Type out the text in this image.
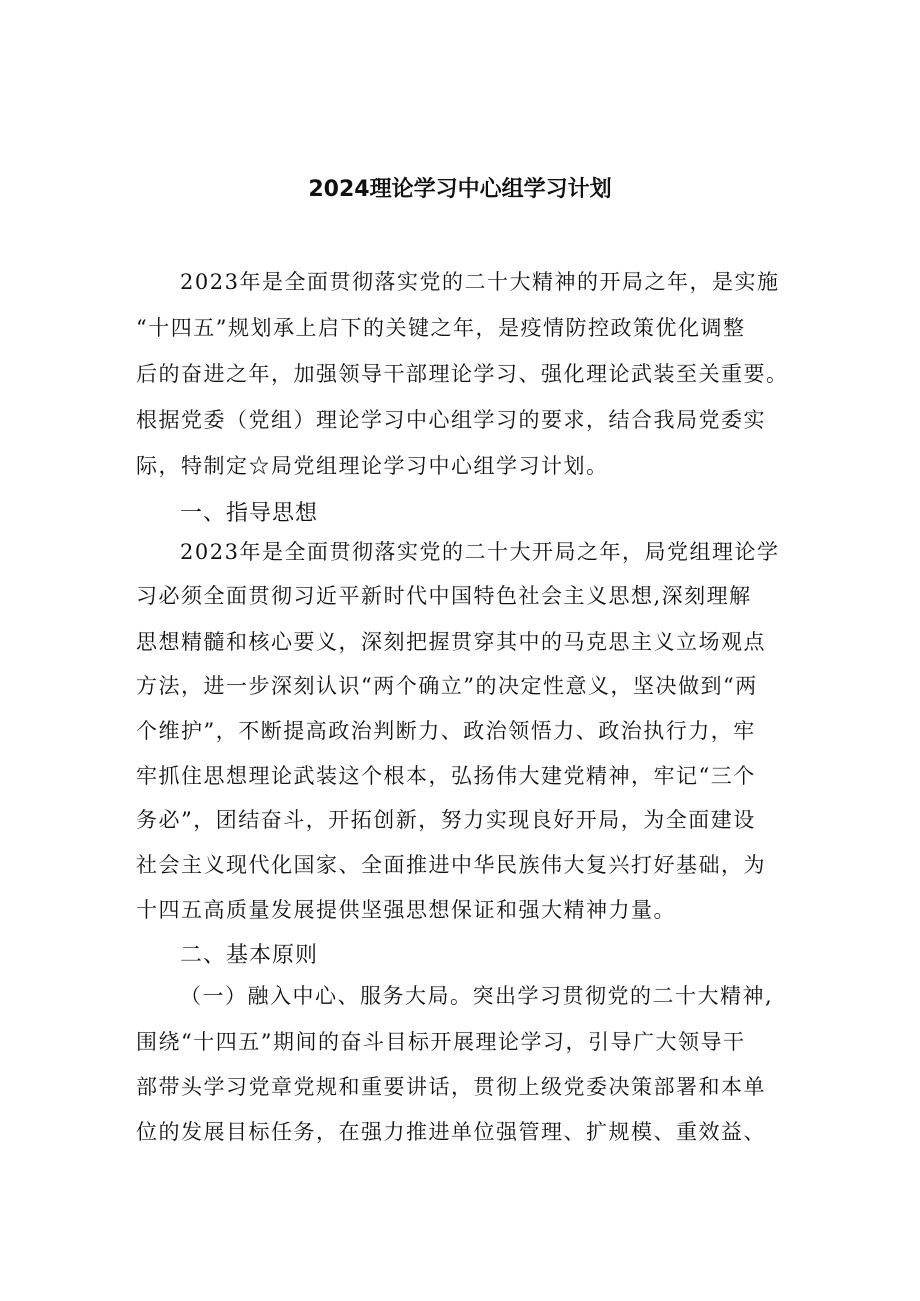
2024理论学习中心组学习计划
2023年是全面贯彻落实党的二十大精神的开局之年，是实施
“十四五”规划承上启下的关键之年，是疫情防控政策优化调整
后的奋进之年，加强领导干部理论学习、强化理论武装至关重要。
根据党委（党组）理论学习中心组学习的要求，结合我局党委实
际，特制定☆局党组理论学习中心组学习计划。
一、指导思想
2023年是全面贯彻落实党的二十大开局之年，局党组理论学
习必须全面贯彻习近平新时代中国特色社会主义思想,深刻理解
思想精髓和核心要义，深刻把握贯穿其中的马克思主义立场观点
方法，进一步深刻认识“两个确立”的决定性意义，坚决做到“两
个维护”，不断提高政治判断力、政治领悟力、政治执行力，牢
牢抓住思想理论武装这个根本，弘扬伟大建党精神，牢记“三个
务必”，团结奋斗，开拓创新，努力实现良好开局，为全面建设
社会主义现代化国家、全面推进中华民族伟大复兴打好基础，为
十四五高质量发展提供坚强思想保证和强大精神力量。
二、基本原则
（一）融入中心、服务大局。突出学习贯彻党的二十大精神,
围绕“十四五”期间的奋斗目标开展理论学习，引导广大领导干
部带头学习党章党规和重要讲话，贯彻上级党委决策部署和本单
位的发展目标任务，在强力推进单位强管理、扩规模、重效益、
